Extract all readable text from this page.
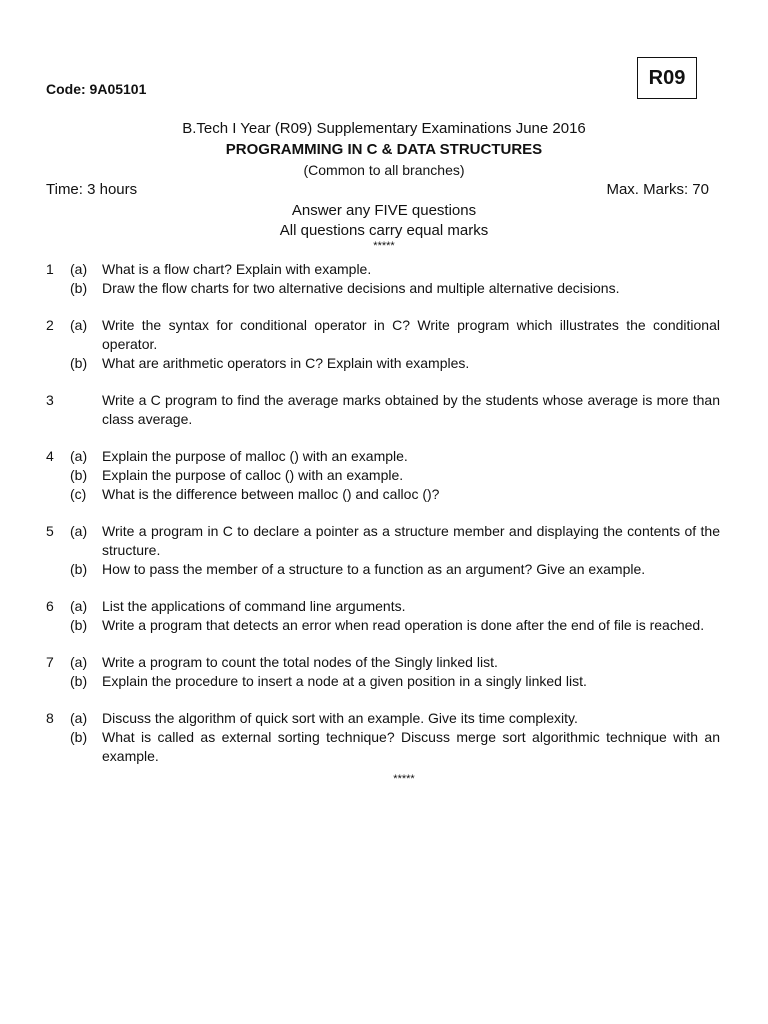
R09
Code: 9A05101
B.Tech I Year (R09) Supplementary Examinations June 2016
PROGRAMMING IN C & DATA STRUCTURES
(Common to all branches)
Time: 3 hours	Max. Marks: 70
Answer any FIVE questions
All questions carry equal marks
*****
1	(a)	What is a flow chart? Explain with example.
(b)	Draw the flow charts for two alternative decisions and multiple alternative decisions.
2	(a)	Write the syntax for conditional operator in C? Write program which illustrates the conditional operator.
(b)	What are arithmetic operators in C? Explain with examples.
3	Write a C program to find the average marks obtained by the students whose average is more than class average.
4	(a)	Explain the purpose of malloc () with an example.
(b)	Explain the purpose of calloc () with an example.
(c)	What is the difference between malloc () and calloc ()?
5	(a)	Write a program in C to declare a pointer as a structure member and displaying the contents of the structure.
(b)	How to pass the member of a structure to a function as an argument? Give an example.
6	(a)	List the applications of command line arguments.
(b)	Write a program that detects an error when read operation is done after the end of file is reached.
7	(a)	Write a program to count the total nodes of the Singly linked list.
(b)	Explain the procedure to insert a node at a given position in a singly linked list.
8	(a)	Discuss the algorithm of quick sort with an example. Give its time complexity.
(b)	What is called as external sorting technique? Discuss merge sort algorithmic technique with an example.
*****
